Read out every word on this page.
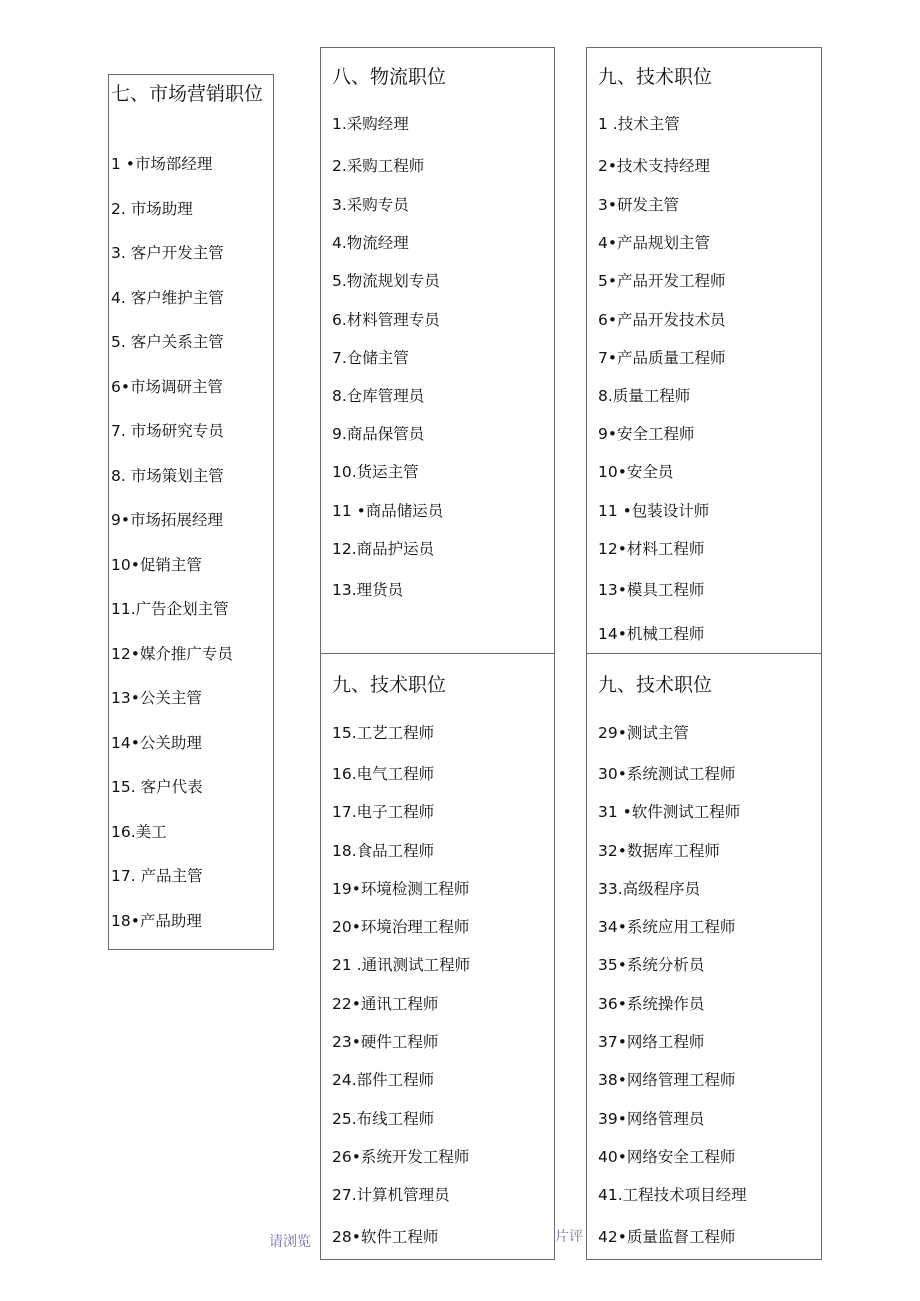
请浏览	片评
七、市场营销职位
1 •市场部经理
2. 市场助理
3. 客户开发主管
4. 客户维护主管
5. 客户关系主管
6•市场调研主管
7. 市场研究专员
8. 市场策划主管
9•市场拓展经理
10•促销主管
11.广告企划主管
12•媒介推广专员
13•公关主管
14•公关助理
15. 客户代表
16.美工
17. 产品主管
18•产品助理
八、物流职位
1.采购经理
2.采购工程师
3.采购专员
4.物流经理
5.物流规划专员
6.材料管理专员
7.仓储主管
8.仓库管理员
9.商品保管员
10.货运主管
11 •商品储运员
12.商品护运员
13.理货员
九、技术职位
1 .技术主管
2•技术支持经理
3•研发主管
4•产品规划主管
5•产品开发工程师
6•产品开发技术员
7•产品质量工程师
8.质量工程师
9•安全工程师
10•安全员
11 •包装设计师
12•材料工程师
13•模具工程师
14•机械工程师
九、技术职位
15.工艺工程师
16.电气工程师
17.电子工程师
18.食品工程师
19•环境检测工程师
20•环境治理工程师
21 .通讯测试工程师
22•通讯工程师
23•硬件工程师
24.部件工程师
25.布线工程师
26•系统开发工程师
27.计算机管理员
28•软件工程师
九、技术职位
29•测试主管
30•系统测试工程师
31 •软件测试工程师
32•数据库工程师
33.高级程序员
34•系统应用工程师
35•系统分析员
36•系统操作员
37•网络工程师
38•网络管理工程师
39•网络管理员
40•网络安全工程师
41.工程技术项目经理
42•质量监督工程师
